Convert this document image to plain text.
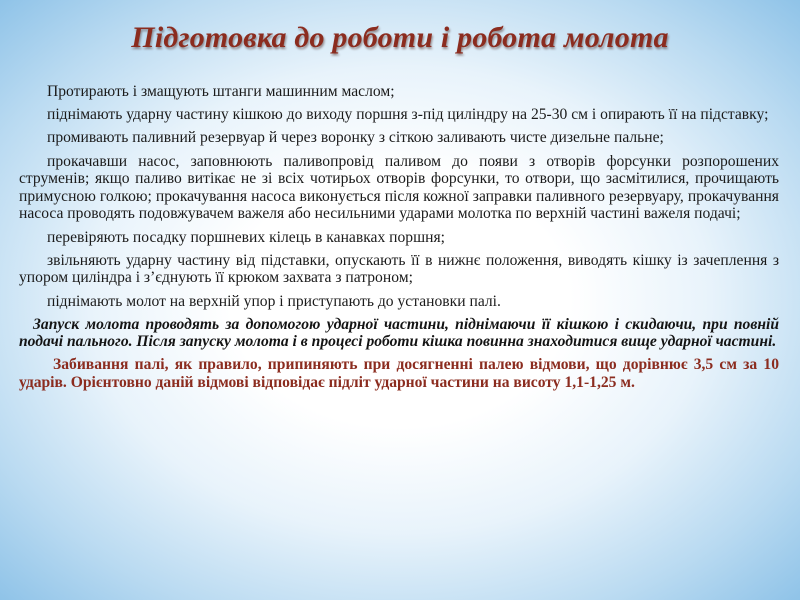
Підготовка до роботи і робота молота

Протирають і змащують штанги машинним маслом;

піднімають ударну частину кішкою до виходу поршня з-під циліндру на 25-30 см і опирають її на підставку;

промивають паливний резервуар й через воронку з сіткою заливають чисте дизельне пальне;

прокачавши насос, заповнюють паливопровід паливом до появи з отворів форсунки розпорошених струменів; якщо паливо витікає не зі всіх чотирьох отворів форсунки, то отвори, що засмітилися, прочищають примусною голкою; прокачування насоса виконується після кожної заправки паливного резервуару, прокачування насоса проводять подовжувачем важеля або несильними ударами молотка по верхній частині важеля подачі;

перевіряють посадку поршневих кілець в канавках поршня;

звільняють ударну частину від підставки, опускають її в нижнє положення, виводять кішку із зачеплення з упором циліндра і з’єднують її крюком захвата з патроном;

піднімають молот на верхній упор і приступають до установки палі.

Запуск молота проводять за допомогою ударної частини, піднімаючи її кішкою і скидаючи, при повній подачі пального. Після запуску молота і в процесі роботи кішка повинна знаходитися вище ударної частині.

Забивання палі, як правило, припиняють при досягненні палею відмови, що дорівнює 3,5 см за 10 ударів. Орієнтовно даній відмові відповідає підліт ударної частини на висоту 1,1-1,25 м.
